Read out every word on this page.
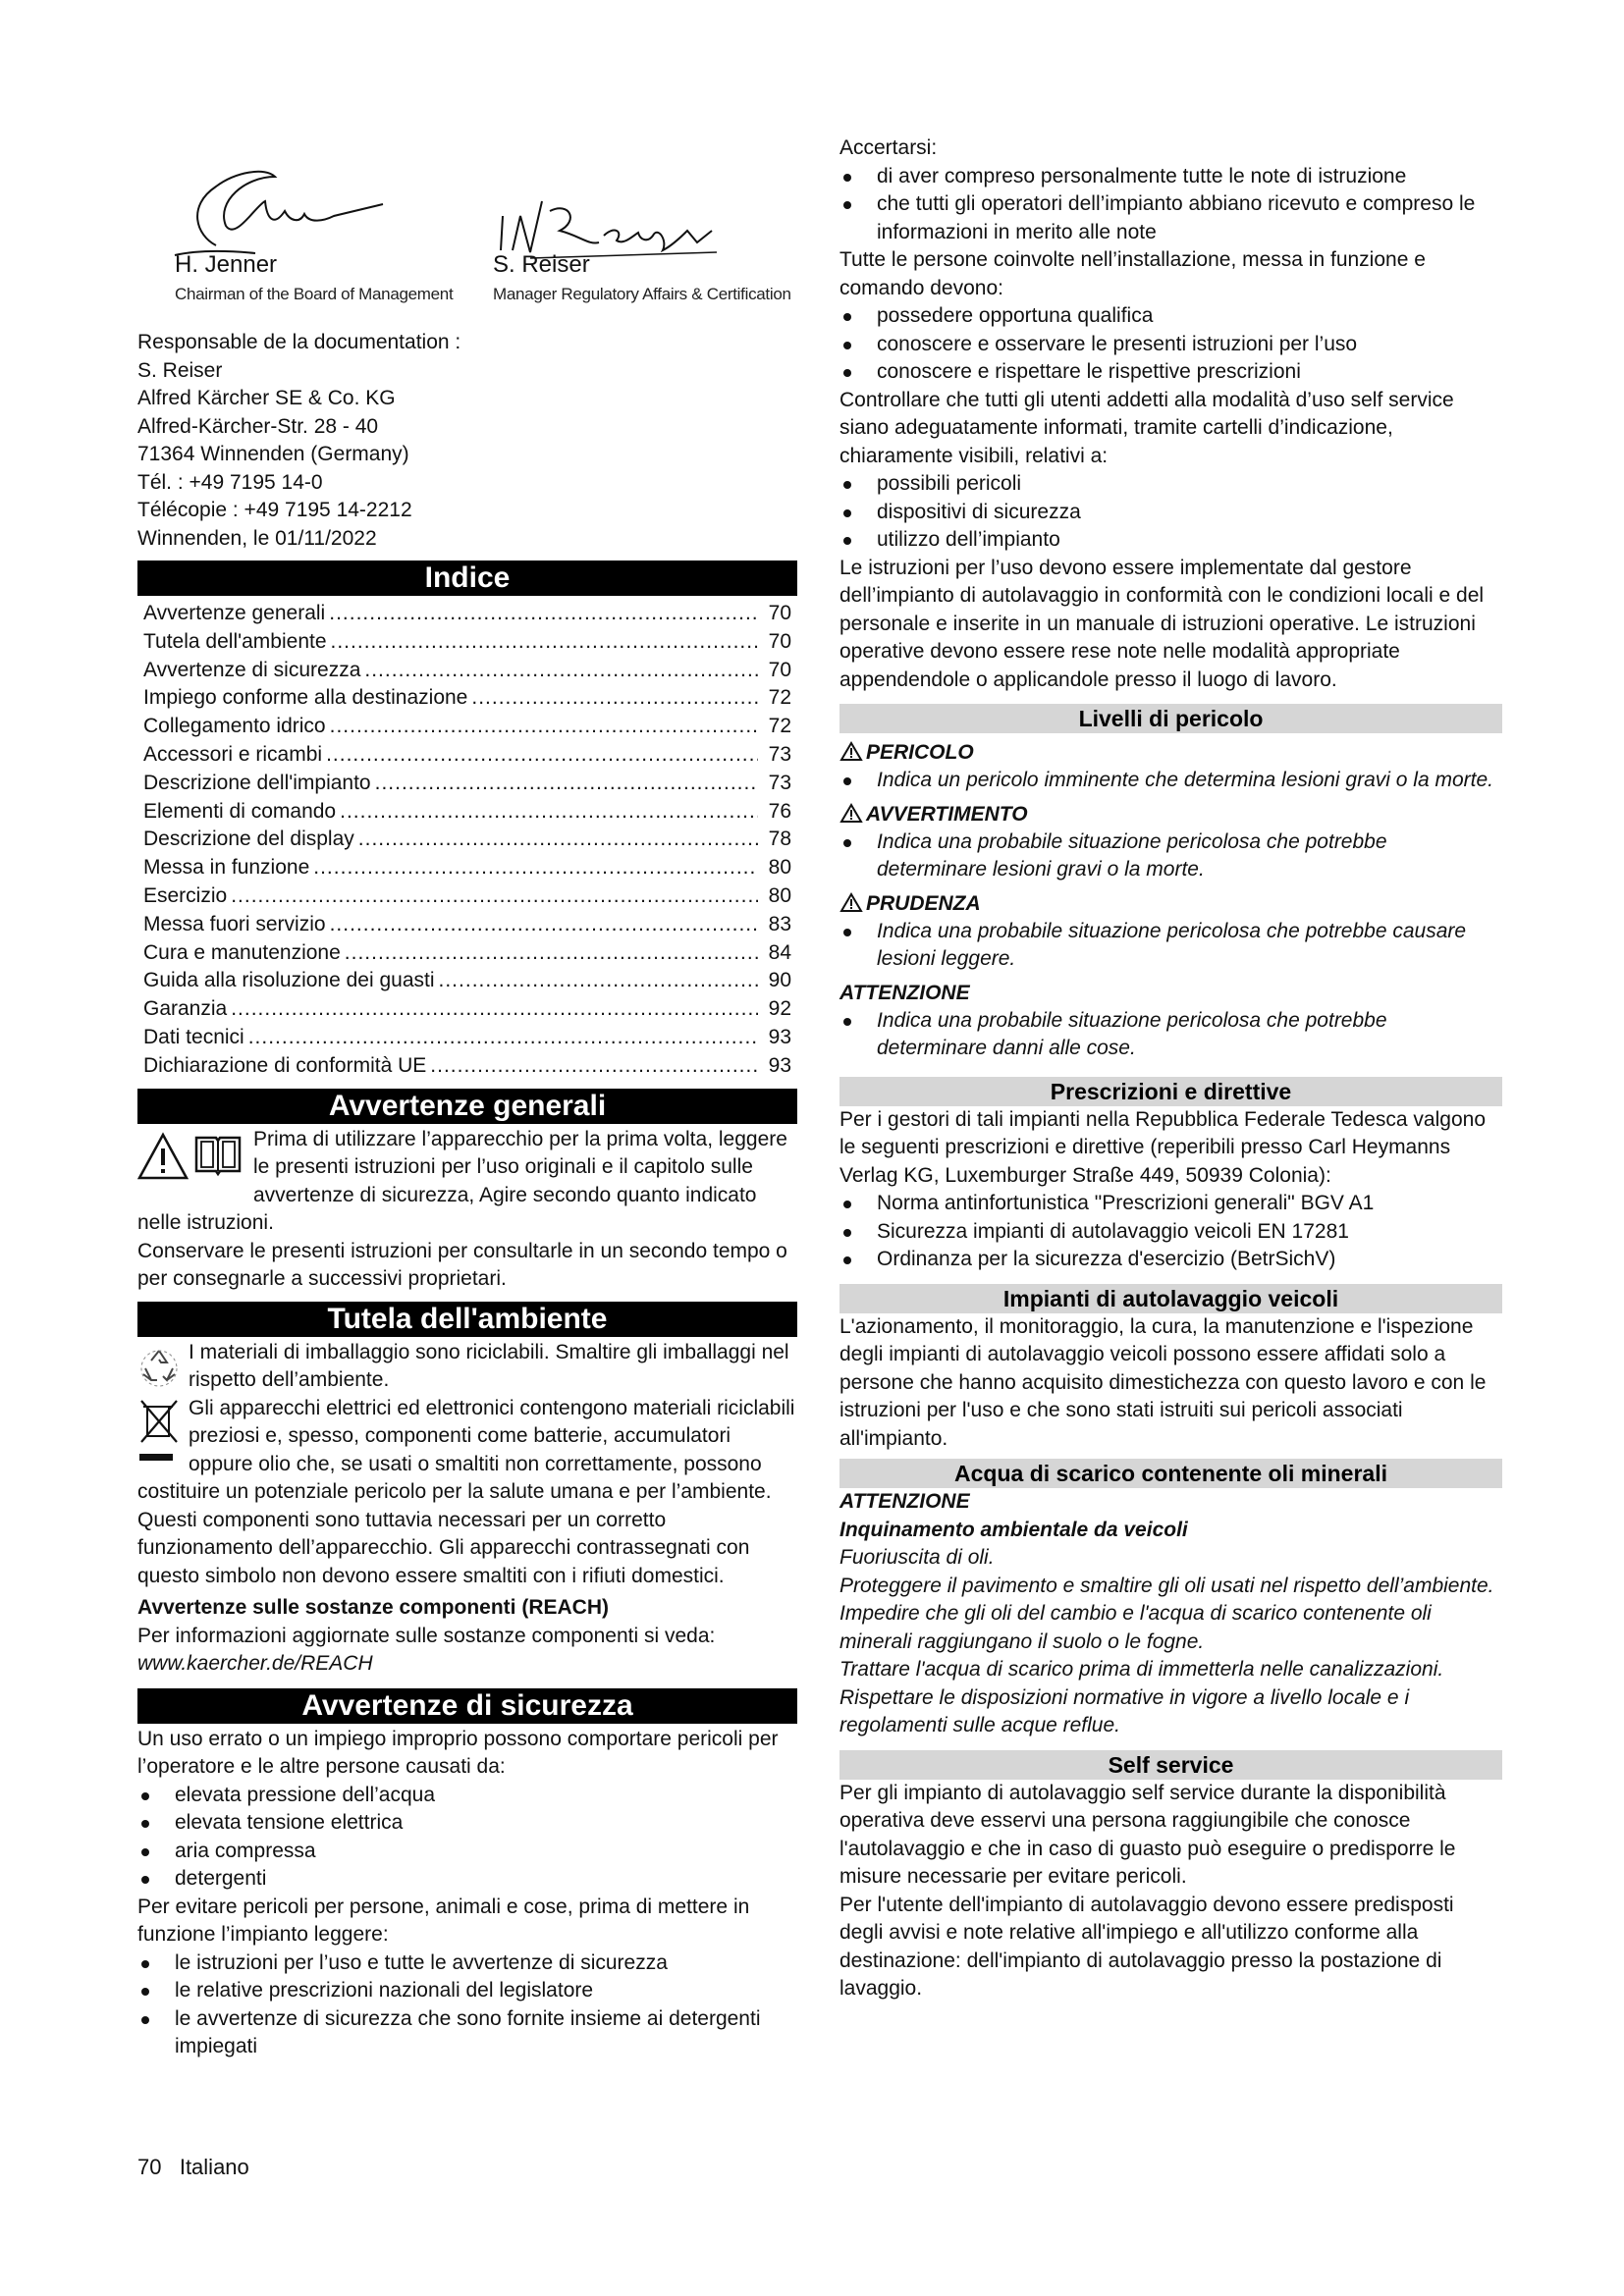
H. Jenner
Chairman of the Board of Management
S. Reiser
Manager Regulatory Affairs & Certification

Responsable de la documentation :

S. Reiser

Alfred Kärcher SE & Co. KG

Alfred-Kärcher-Str. 28 - 40

71364 Winnenden (Germany)

Tél. : +49 7195 14-0

Télécopie : +49 7195 14-2212

Winnenden, le 01/11/2022

Indice
Avvertenze generali .....	70
Tutela dell'ambiente .....	70
Avvertenze di sicurezza .....	70
Impiego conforme alla destinazione .....	72
Collegamento idrico .....	72
Accessori e ricambi .....	73
Descrizione dell'impianto .....	73
Elementi di comando .....	76
Descrizione del display .....	78
Messa in funzione .....	80
Esercizio .....	80
Messa fuori servizio .....	83
Cura e manutenzione .....	84
Guida alla risoluzione dei guasti .....	90
Garanzia .....	92
Dati tecnici .....	93
Dichiarazione di conformità UE .....	93
Avvertenze generali

Prima di utilizzare l’apparecchio per la prima volta, leggere le presenti istruzioni per l’uso originali e il capitolo sulle avvertenze di sicurezza, Agire secondo quanto indicato nelle istruzioni.

Conservare le presenti istruzioni per consultarle in un secondo tempo o per consegnarle a successivi proprietari.

Tutela dell'ambiente

I materiali di imballaggio sono riciclabili. Smaltire gli imballaggi nel rispetto dell’ambiente.

Gli apparecchi elettrici ed elettronici contengono materiali riciclabili preziosi e, spesso, componenti come batterie, accumulatori oppure olio che, se usati o smaltiti non correttamente, possono costituire un potenziale pericolo per la salute umana e per l’ambiente. Questi componenti sono tuttavia necessari per un corretto funzionamento dell’apparecchio. Gli apparecchi contrassegnati con questo simbolo non devono essere smaltiti con i rifiuti domestici.

Avvertenze sulle sostanze componenti (REACH)

Per informazioni aggiornate sulle sostanze componenti si veda:

www.kaercher.de/REACH

Avvertenze di sicurezza

Un uso errato o un impiego improprio possono comportare pericoli per l’operatore e le altre persone causati da:

elevata pressione dell’acqua
elevata tensione elettrica
aria compressa
detergenti

Per evitare pericoli per persone, animali e cose, prima di mettere in funzione l’impianto leggere:

le istruzioni per l’uso e tutte le avvertenze di sicurezza
le relative prescrizioni nazionali del legislatore
le avvertenze di sicurezza che sono fornite insieme ai detergenti impiegati

Accertarsi:

di aver compreso personalmente tutte le note di istruzione
che tutti gli operatori dell’impianto abbiano ricevuto e compreso le informazioni in merito alle note

Tutte le persone coinvolte nell’installazione, messa in funzione e comando devono:

possedere opportuna qualifica
conoscere e osservare le presenti istruzioni per l’uso
conoscere e rispettare le rispettive prescrizioni

Controllare che tutti gli utenti addetti alla modalità d’uso self service siano adeguatamente informati, tramite cartelli d’indicazione, chiaramente visibili, relativi a:

possibili pericoli
dispositivi di sicurezza
utilizzo dell’impianto

Le istruzioni per l’uso devono essere implementate dal gestore dell’impianto di autolavaggio in conformità con le condizioni locali e del personale e inserite in un manuale di istruzioni operative. Le istruzioni operative devono essere rese note nelle modalità appropriate appendendole o applicandole presso il luogo di lavoro.

Livelli di pericolo
PERICOLO
Indica un pericolo imminente che determina lesioni gravi o la morte.
AVVERTIMENTO
Indica una probabile situazione pericolosa che potrebbe determinare lesioni gravi o la morte.
PRUDENZA
Indica una probabile situazione pericolosa che potrebbe causare lesioni leggere.
ATTENZIONE
Indica una probabile situazione pericolosa che potrebbe determinare danni alle cose.
Prescrizioni e direttive

Per i gestori di tali impianti nella Repubblica Federale Tedesca valgono le seguenti prescrizioni e direttive (reperibili presso Carl Heymanns Verlag KG, Luxemburger Straße 449, 50939 Colonia):

Norma antinfortunistica "Prescrizioni generali" BGV A1
Sicurezza impianti di autolavaggio veicoli EN 17281
Ordinanza per la sicurezza d'esercizio (BetrSichV)
Impianti di autolavaggio veicoli

L'azionamento, il monitoraggio, la cura, la manutenzione e l'ispezione degli impianti di autolavaggio veicoli possono essere affidati solo a persone che hanno acquisito dimestichezza con questo lavoro e con le istruzioni per l'uso e che sono stati istruiti sui pericoli associati all'impianto.

Acqua di scarico contenente oli minerali

ATTENZIONE

Inquinamento ambientale da veicoli

Fuoriuscita di oli.

Proteggere il pavimento e smaltire gli oli usati nel rispetto dell’ambiente.

Impedire che gli oli del cambio e l'acqua di scarico contenente oli minerali raggiungano il suolo o le fogne.

Trattare l'acqua di scarico prima di immetterla nelle canalizzazioni.

Rispettare le disposizioni normative in vigore a livello locale e i regolamenti sulle acque reflue.

Self service

Per gli impianto di autolavaggio self service durante la disponibilità operativa deve esservi una persona raggiungibile che conosce l'autolavaggio e che in caso di guasto può eseguire o predisporre le misure necessarie per evitare pericoli.

Per l'utente dell'impianto di autolavaggio devono essere predisposti degli avvisi e note relative all'impiego e all'utilizzo conforme alla destinazione: dell'impianto di autolavaggio presso la postazione di lavaggio.

70 Italiano
